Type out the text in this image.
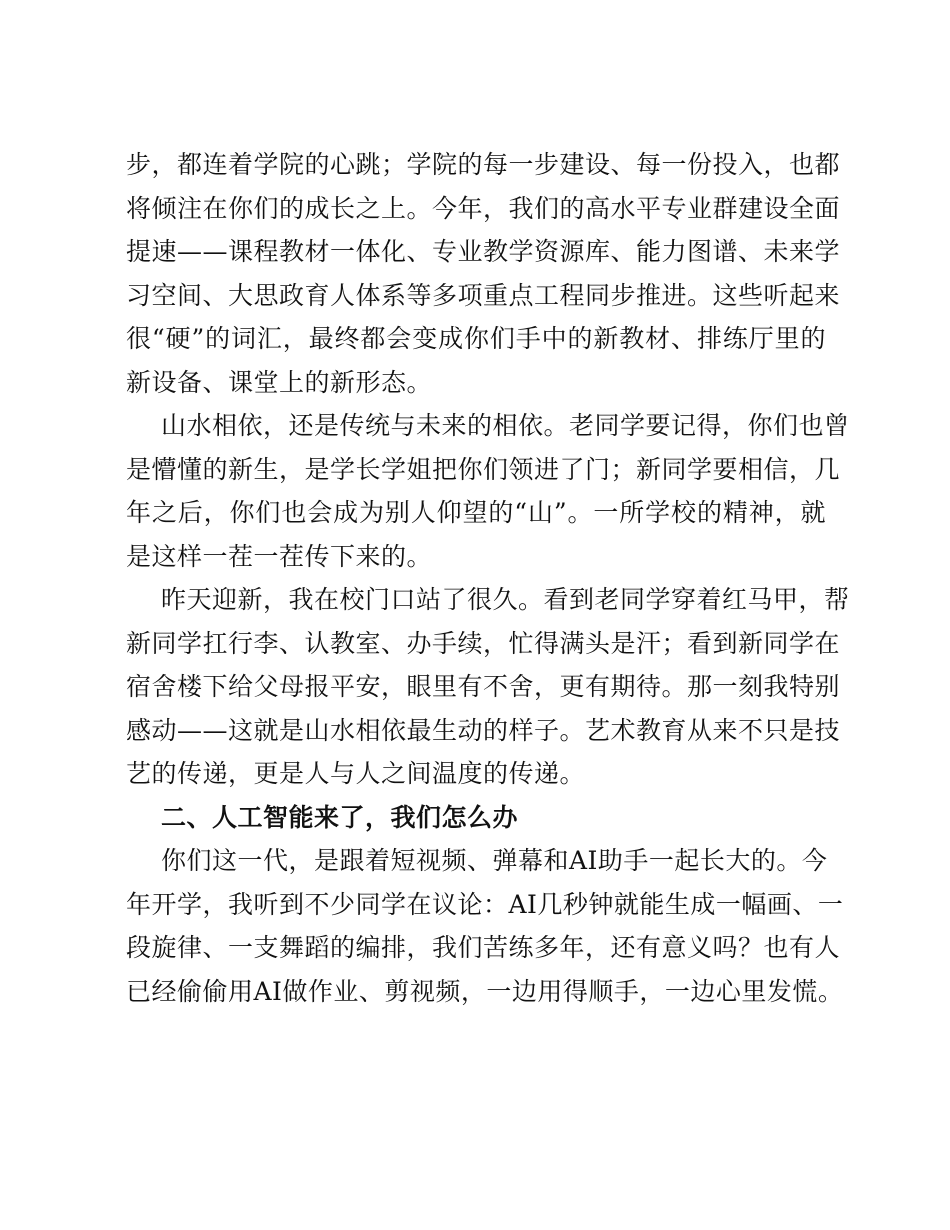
步，都连着学院的心跳；学院的每一步建设、每一份投入，也都
将倾注在你们的成长之上。今年，我们的高水平专业群建设全面
提速——课程教材一体化、专业教学资源库、能力图谱、未来学
习空间、大思政育人体系等多项重点工程同步推进。这些听起来
很“硬”的词汇，最终都会变成你们手中的新教材、排练厅里的
新设备、课堂上的新形态。
山水相依，还是传统与未来的相依。老同学要记得，你们也曾
是懵懂的新生，是学长学姐把你们领进了门；新同学要相信，几
年之后，你们也会成为别人仰望的“山”。一所学校的精神，就
是这样一茬一茬传下来的。
昨天迎新，我在校门口站了很久。看到老同学穿着红马甲，帮
新同学扛行李、认教室、办手续，忙得满头是汗；看到新同学在
宿舍楼下给父母报平安，眼里有不舍，更有期待。那一刻我特别
感动——这就是山水相依最生动的样子。艺术教育从来不只是技
艺的传递，更是人与人之间温度的传递。
二、人工智能来了，我们怎么办
你们这一代，是跟着短视频、弹幕和AI助手一起长大的。今
年开学，我听到不少同学在议论：AI几秒钟就能生成一幅画、一
段旋律、一支舞蹈的编排，我们苦练多年，还有意义吗？也有人
已经偷偷用AI做作业、剪视频，一边用得顺手，一边心里发慌。
